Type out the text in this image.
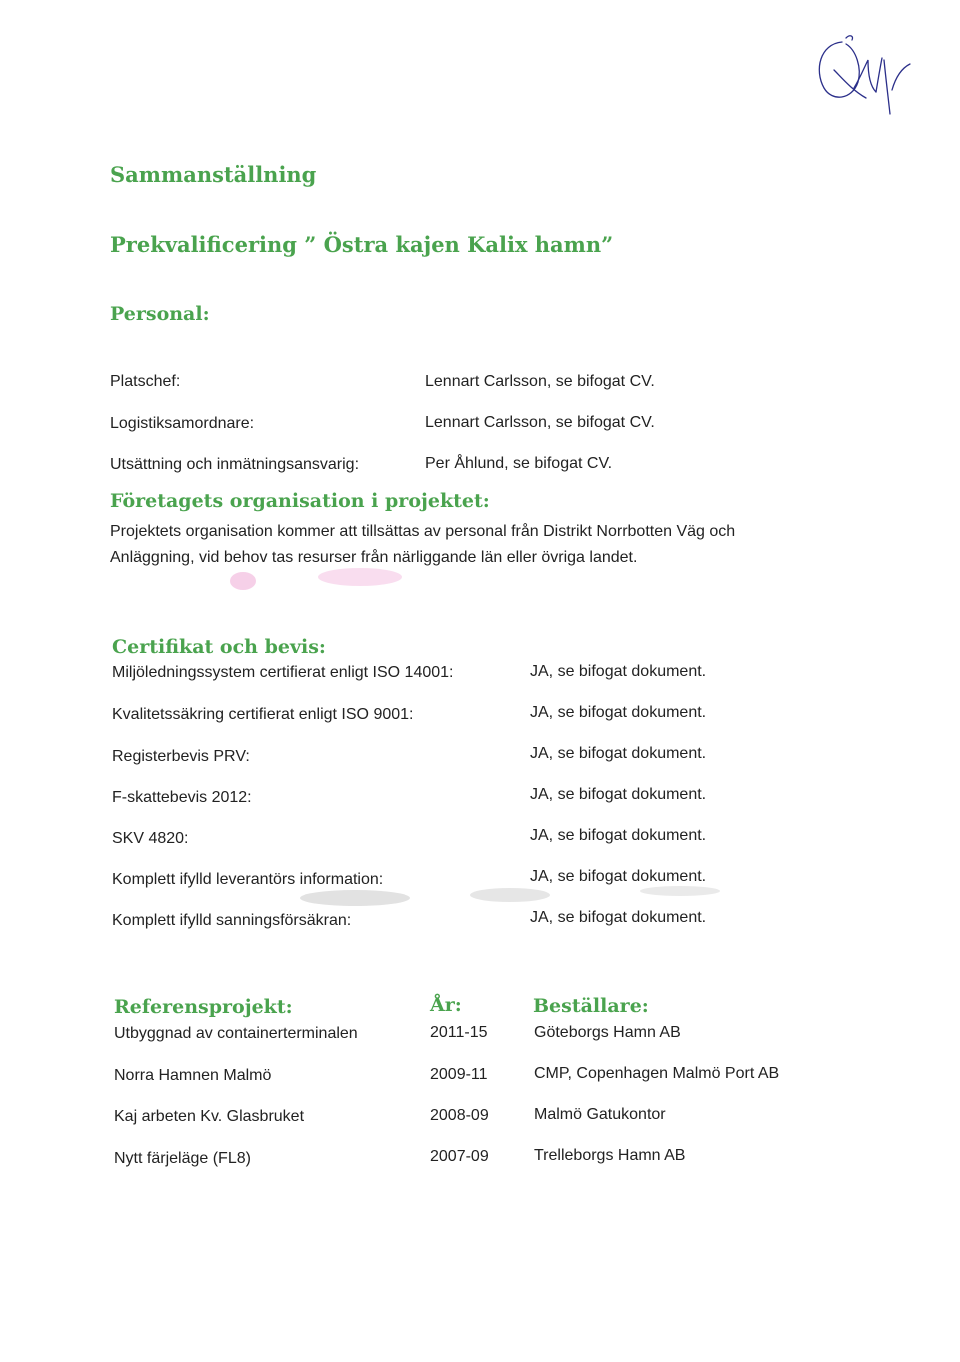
Sammanställning
Prekvalificering ” Östra kajen Kalix hamn”
Personal:
Platschef:	Lennart Carlsson, se bifogat CV.
Logistiksamordnare:	Lennart Carlsson, se bifogat CV.
Utsättning och inmätningsansvarig:	Per Åhlund, se bifogat CV.
Företagets organisation i projektet:
Projektets organisation kommer att tillsättas av personal från Distrikt Norrbotten Väg och
Anläggning, vid behov tas resurser från närliggande län eller övriga landet.
Certifikat och bevis:
Miljöledningssystem certifierat enligt ISO 14001:	JA, se bifogat dokument.
Kvalitetssäkring certifierat enligt ISO 9001:	JA, se bifogat dokument.
Registerbevis PRV:	JA, se bifogat dokument.
F-skattebevis 2012:	JA, se bifogat dokument.
SKV 4820:	JA, se bifogat dokument.
Komplett ifylld leverantörs information:	JA, se bifogat dokument.
Komplett ifylld sanningsförsäkran:	JA, se bifogat dokument.
Referensprojekt:	År:	Beställare:
Utbyggnad av containerterminalen	2011-15	Göteborgs Hamn AB
Norra Hamnen Malmö	2009-11	CMP, Copenhagen Malmö Port AB
Kaj arbeten Kv. Glasbruket	2008-09	Malmö Gatukontor
Nytt färjeläge (FL8)	2007-09	Trelleborgs Hamn AB
